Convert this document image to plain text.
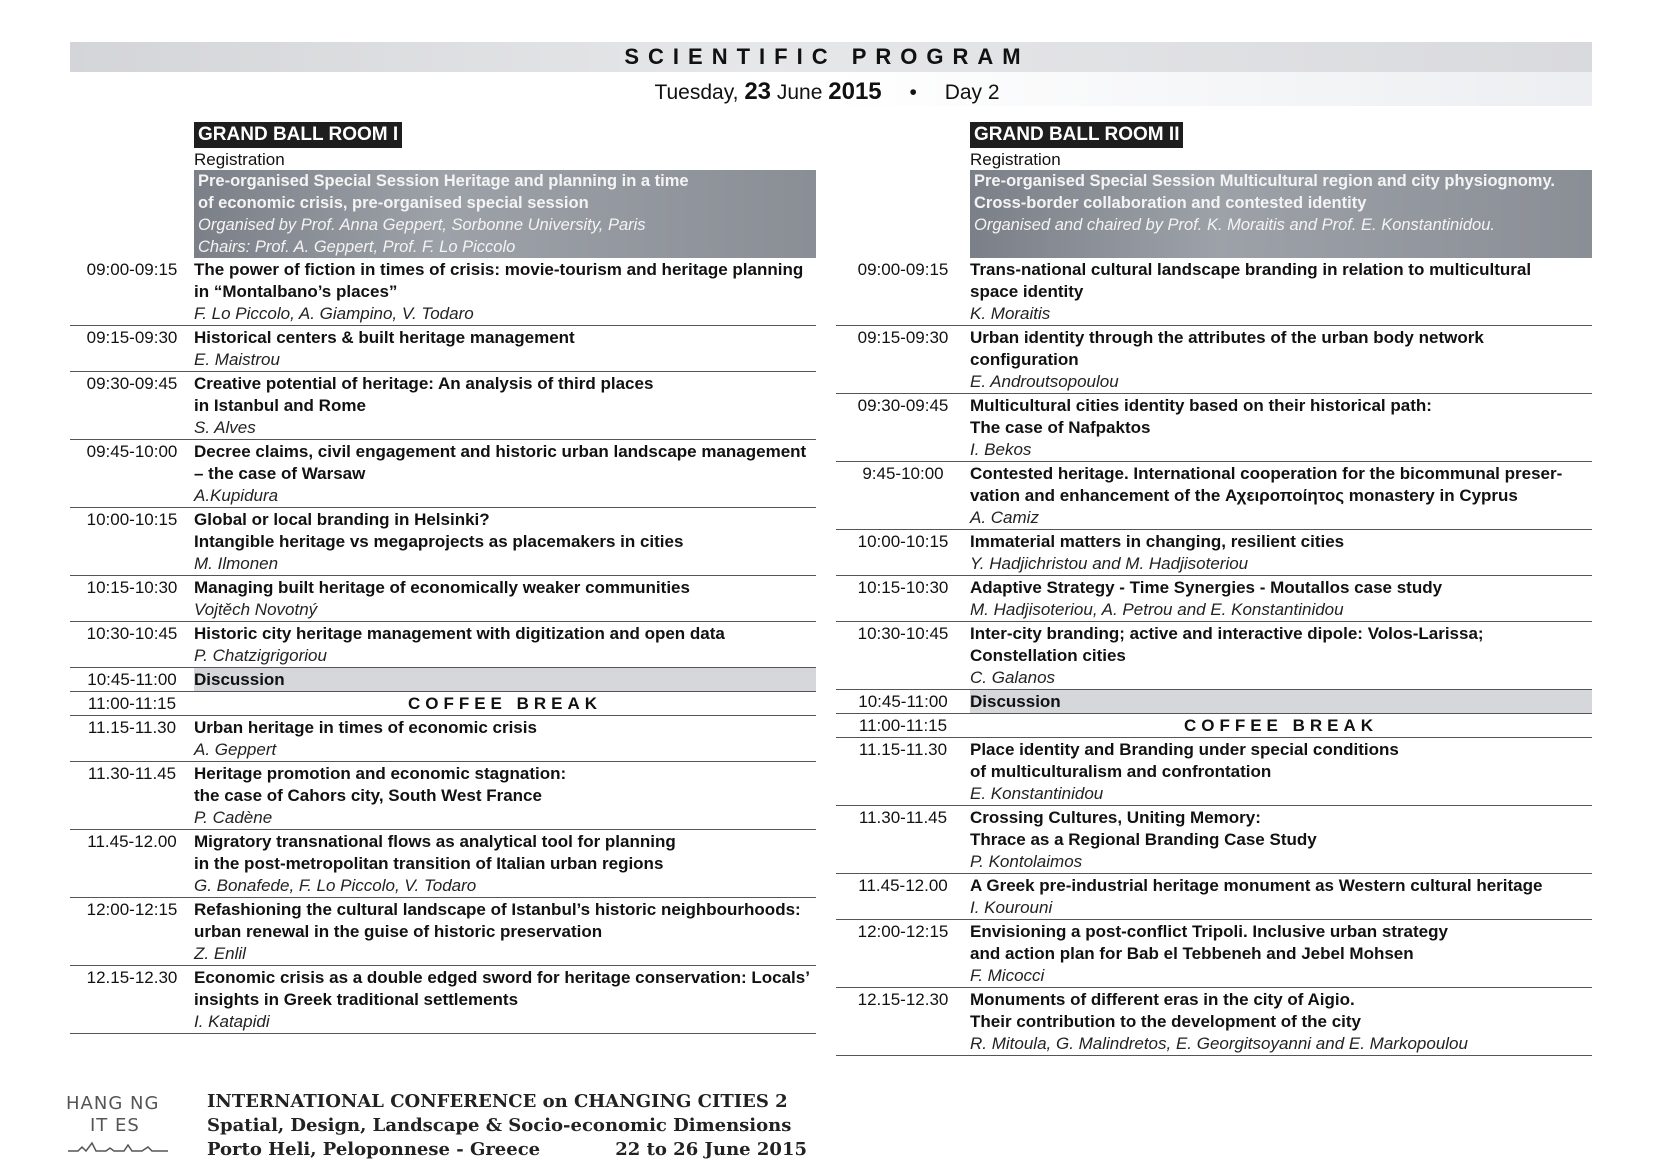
SCIENTIFIC PROGRAM
Tuesday, 23 June 2015 • Day 2
GRAND BALL ROOM I
Registration
Pre-organised Special Session Heritage and planning in a time
of economic crisis, pre-organised special session
Organised by Prof. Anna Geppert, Sorbonne University, Paris
Chairs: Prof. A. Geppert, Prof. F. Lo Piccolo
09:00-09:15 The power of fiction in times of crisis: movie-tourism and heritage planning
in “Montalbano’s places”
F. Lo Piccolo, A. Giampino, V. Todaro
09:15-09:30 Historical centers & built heritage management
E. Maistrou
09:30-09:45 Creative potential of heritage: An analysis of third places
in Istanbul and Rome
S. Alves
09:45-10:00 Decree claims, civil engagement and historic urban landscape management
– the case of Warsaw
A.Kupidura
10:00-10:15 Global or local branding in Helsinki?
Intangible heritage vs megaprojects as placemakers in cities
M. Ilmonen
10:15-10:30 Managing built heritage of economically weaker communities
Vojtěch Novotný
10:30-10:45 Historic city heritage management with digitization and open data
P. Chatzigrigoriou
10:45-11:00	Discussion
11:00-11:15	COFFEE BREAK
11.15-11.30	Urban heritage in times of economic crisis
A. Geppert
11.30-11.45	Heritage promotion and economic stagnation:
the case of Cahors city, South West France
P. Cadène
11.45-12.00	Migratory transnational flows as analytical tool for planning
in the post-metropolitan transition of Italian urban regions
G. Bonafede, F. Lo Piccolo, V. Todaro
12:00-12:15 Refashioning the cultural landscape of Istanbul’s historic neighbourhoods:
urban renewal in the guise of historic preservation
Z. Enlil
12.15-12.30 Economic crisis as a double edged sword for heritage conservation: Locals’
insights in Greek traditional settlements
I. Katapidi
GRAND BALL ROOM II
Registration
Pre-organised Special Session Multicultural region and city physiognomy.
Cross-border collaboration and contested identity
Organised and chaired by Prof. K. Moraitis and Prof. E. Konstantinidou.
09:00-09:15	Trans-national cultural landscape branding in relation to multicultural
space identity
K. Moraitis
09:15-09:30	Urban identity through the attributes of the urban body network configuration
E. Androutsopoulou
09:30-09:45	Multicultural cities identity based on their historical path:
The case of Nafpaktos
I. Bekos
9:45-10:00	Contested heritage. International cooperation for the bicommunal preser-
vation and enhancement of the Αχειροποίητος monastery in Cyprus
A. Camiz
10:00-10:15	Immaterial matters in changing, resilient cities
Y. Hadjichristou and M. Hadjisoteriou
10:15-10:30	Adaptive Strategy - Time Synergies - Moutallos case study
M. Hadjisoteriou, A. Petrou and E. Konstantinidou
10:30-10:45	Inter-city branding; active and interactive dipole: Volos-Larissa;
Constellation cities
C. Galanos
10:45-11:00	Discussion
11:00-11:15	COFFEE BREAK
11.15-11.30	Place identity and Branding under special conditions
of multiculturalism and confrontation
E. Konstantinidou
11.30-11.45	Crossing Cultures, Uniting Memory:
Thrace as a Regional Branding Case Study
P. Kontolaimos
11.45-12.00	A Greek pre-industrial heritage monument as Western cultural heritage
I. Kourouni
12:00-12:15	Envisioning a post-conflict Tripoli. Inclusive urban strategy
and action plan for Bab el Tebbeneh and Jebel Mohsen
F. Micocci
12.15-12.30	Monuments of different eras in the city of Aigio.
Their contribution to the development of the city
R. Mitoula, G. Malindretos, E. Georgitsoyanni and E. Markopoulou
HANG NG
IT ES
INTERNATIONAL CONFERENCE on CHANGING CITIES 2
Spatial, Design, Landscape & Socio-economic Dimensions
Porto Heli, Peloponnese - Greece	22 to 26 June 2015
